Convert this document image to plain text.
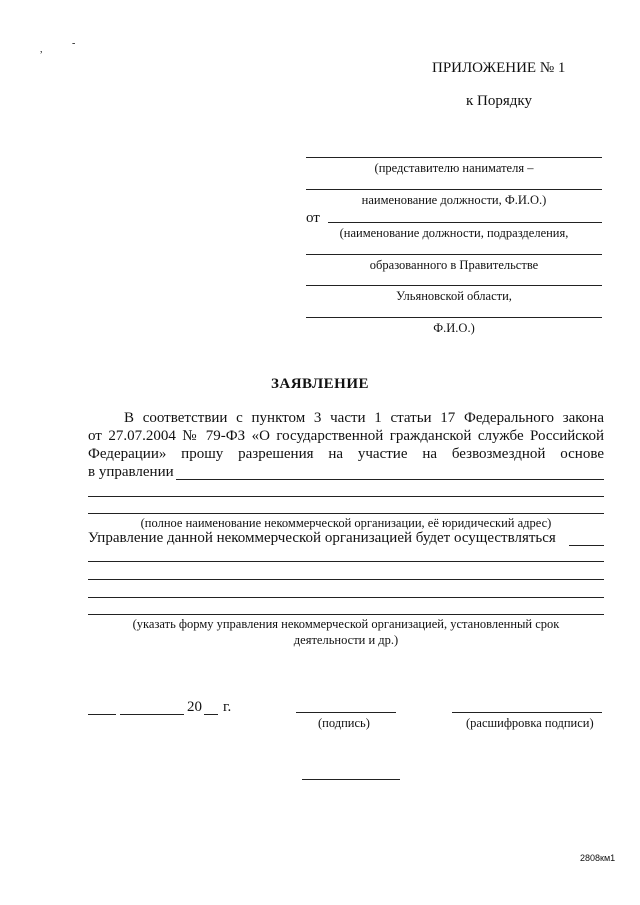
,
-
ПРИЛОЖЕНИЕ № 1
к Порядку
(представителю нанимателя –
наименование должности, Ф.И.О.)
от
(наименование должности, подразделения,
образованного в Правительстве
Ульяновской области,
Ф.И.О.)
ЗАЯВЛЕНИЕ
В соответствии с пунктом 3 части 1 статьи 17 Федерального закона
от 27.07.2004 № 79-ФЗ «О государственной гражданской службе Российской
Федерации» прошу разрешения на участие на безвозмездной основе
в управлении
(полное наименование некоммерческой организации, её юридический адрес)
Управление данной некоммерческой организацией будет осуществляться
(указать форму управления некоммерческой организацией, установленный срок
деятельности и др.)
20 г.
(подпись)	(расшифровка подписи)
2808км1
